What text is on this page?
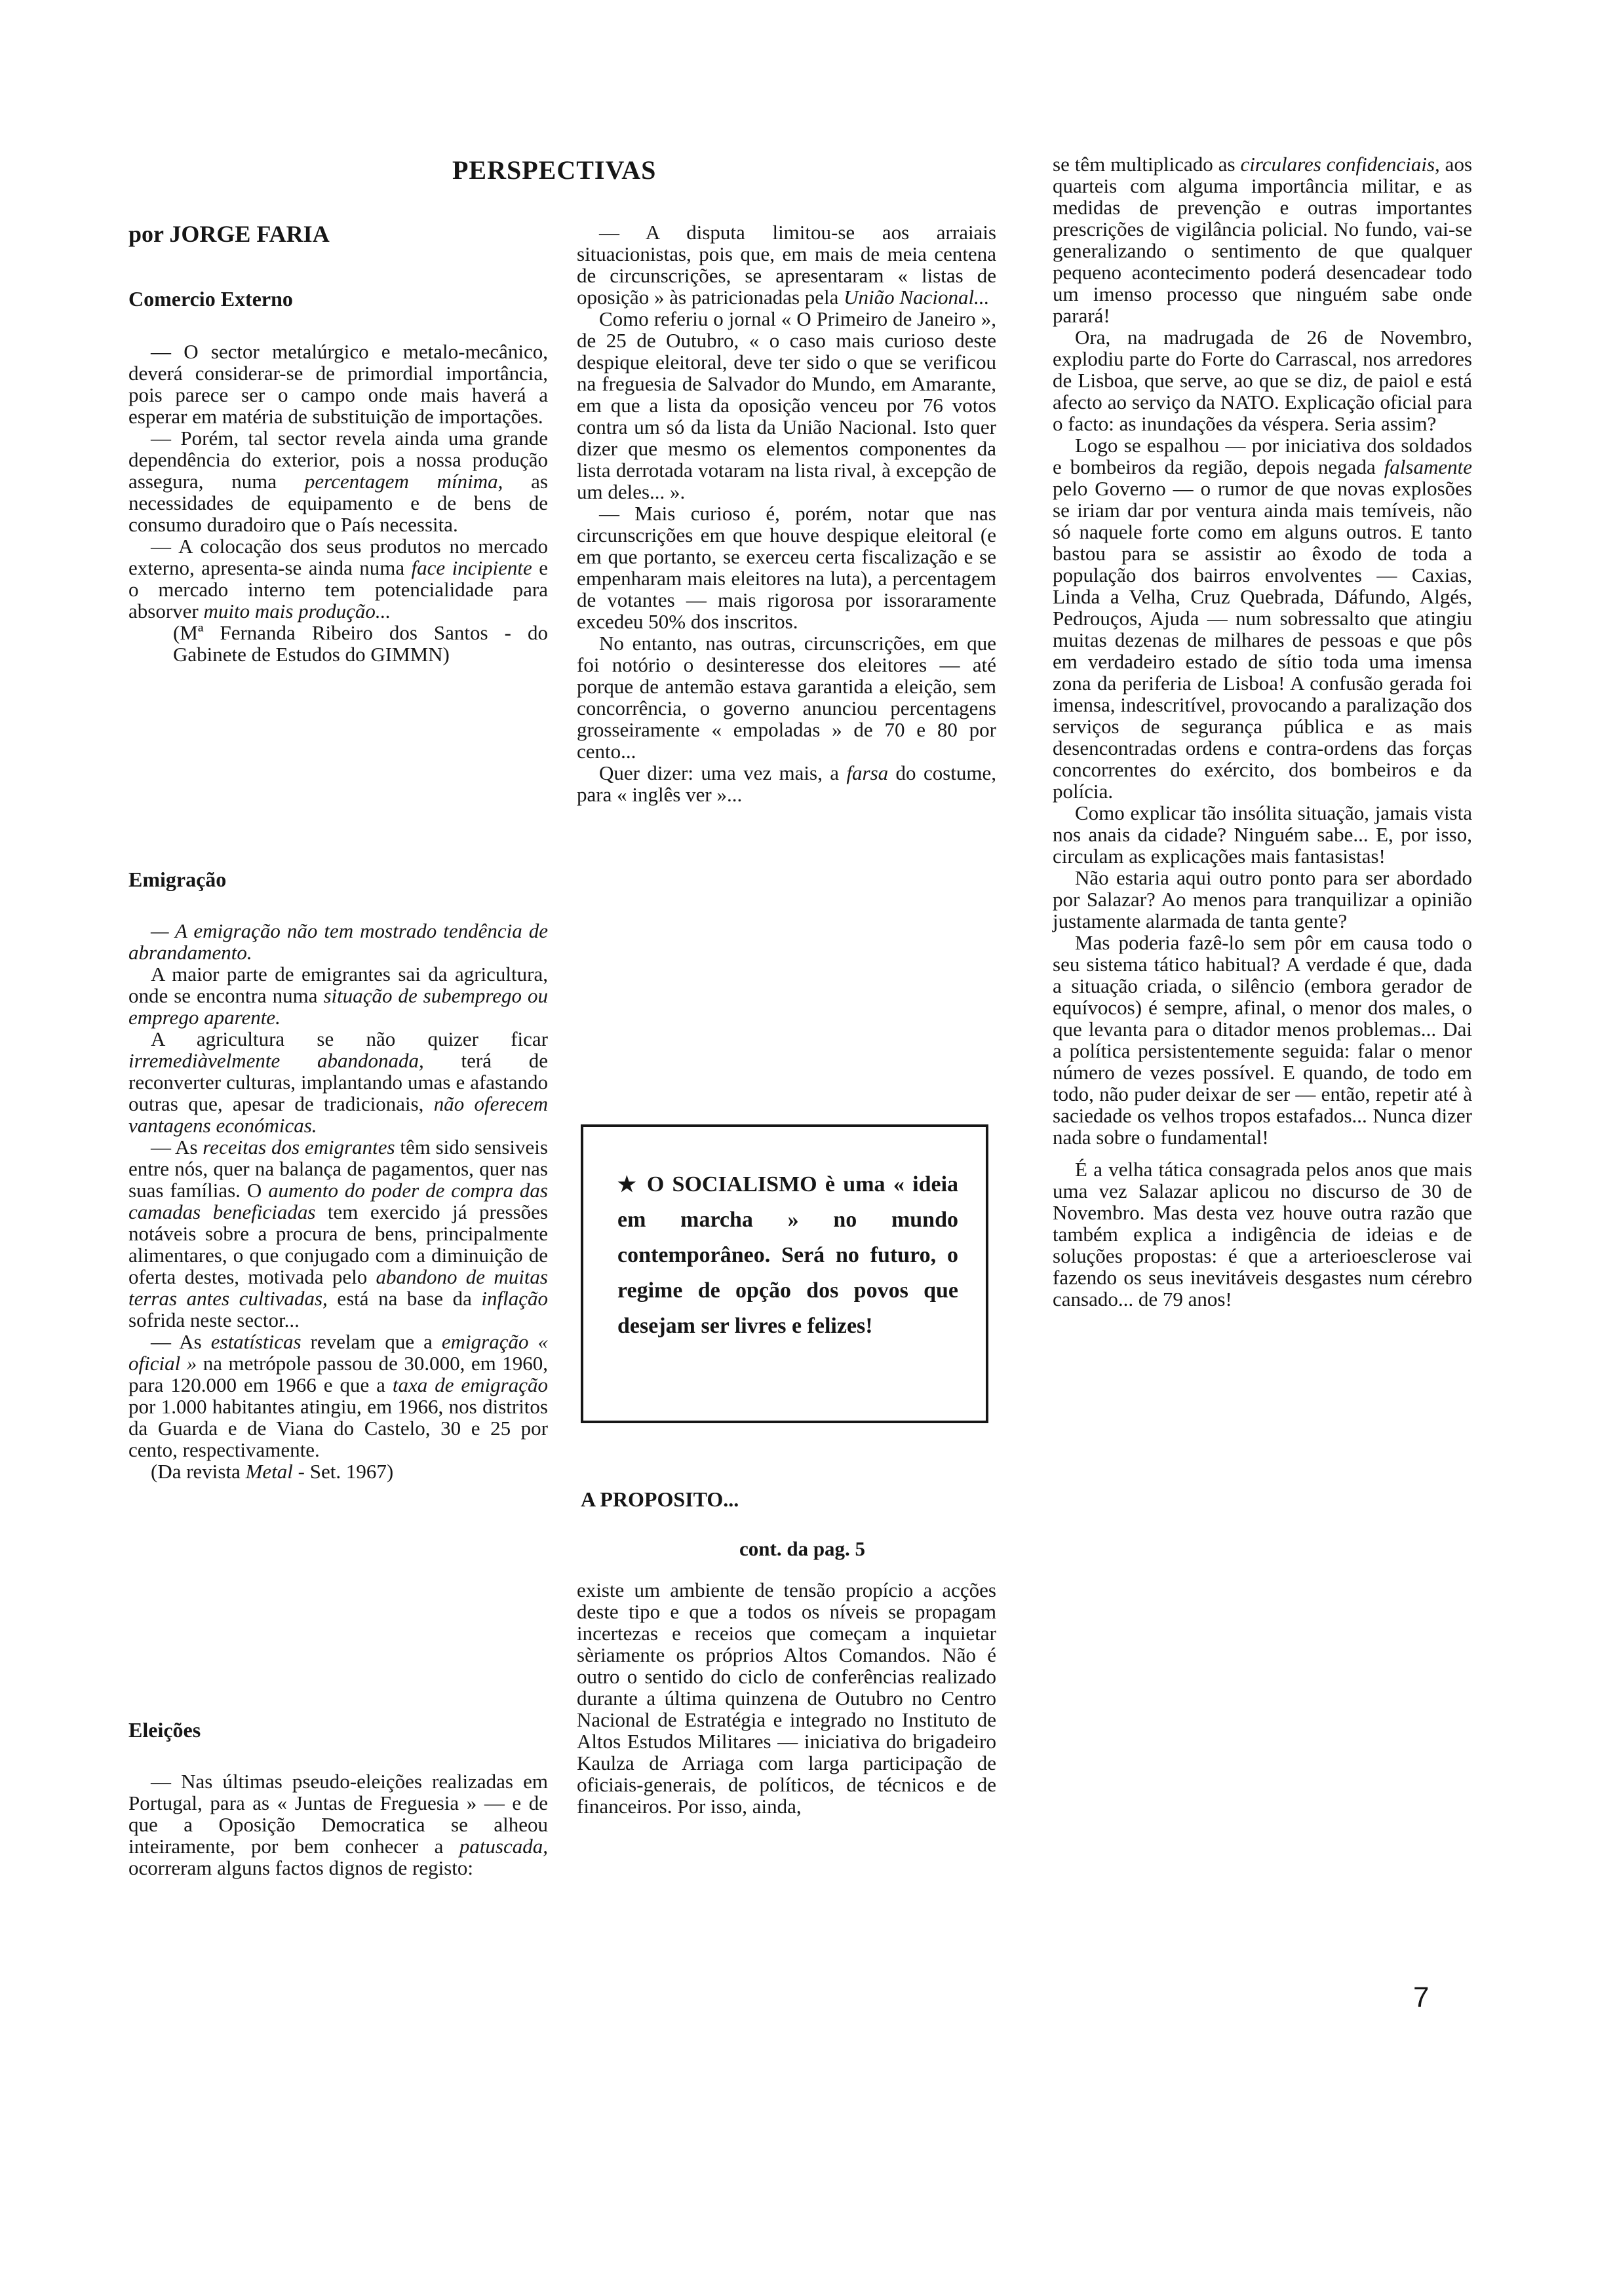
PERSPECTIVAS
por JORGE FARIA
Comercio Externo

— O sector metalúrgico e metalo-mecânico, deverá considerar-se de primordial importância, pois parece ser o campo onde mais haverá a esperar em matéria de substituição de importações.

— Porém, tal sector revela ainda uma grande dependência do exterior, pois a nossa produção assegura, numa percentagem mínima, as necessidades de equipamento e de bens de consumo duradoiro que o País necessita.

— A colocação dos seus produtos no mercado externo, apresenta-se ainda numa face incipiente e o mercado interno tem potencialidade para absorver muito mais produção...

(Mª Fernanda Ribeiro dos Santos - do Gabinete de Estudos do GIMMN)

Emigração

— A emigração não tem mostrado tendência de abrandamento.

A maior parte de emigrantes sai da agricultura, onde se encontra numa situação de subemprego ou emprego aparente.

A agricultura se não quizer ficar irremediàvelmente abandonada, terá de reconverter culturas, implantando umas e afastando outras que, apesar de tradicionais, não oferecem vantagens económicas.

— As receitas dos emigrantes têm sido sensiveis entre nós, quer na balança de pagamentos, quer nas suas famílias. O aumento do poder de compra das camadas beneficiadas tem exercido já pressões notáveis sobre a procura de bens, principalmente alimentares, o que conjugado com a diminuição de oferta destes, motivada pelo abandono de muitas terras antes cultivadas, está na base da inflação sofrida neste sector...

— As estatísticas revelam que a emigração « oficial » na metrópole passou de 30.000, em 1960, para 120.000 em 1966 e que a taxa de emigração por 1.000 habitantes atingiu, em 1966, nos distritos da Guarda e de Viana do Castelo, 30 e 25 por cento, respectivamente.

(Da revista Metal - Set. 1967)

Eleições

— Nas últimas pseudo-eleições realizadas em Portugal, para as « Juntas de Freguesia » — e de que a Oposição Democratica se alheou inteiramente, por bem conhecer a patuscada, ocorreram alguns factos dignos de registo:

— A disputa limitou-se aos arraiais situacionistas, pois que, em mais de meia centena de circunscrições, se apresentaram « listas de oposição » às patricionadas pela União Nacional...

Como referiu o jornal « O Primeiro de Janeiro », de 25 de Outubro, « o caso mais curioso deste despique eleitoral, deve ter sido o que se verificou na freguesia de Salvador do Mundo, em Amarante, em que a lista da oposição venceu por 76 votos contra um só da lista da União Nacional. Isto quer dizer que mesmo os elementos componentes da lista derrotada votaram na lista rival, à excepção de um deles... ».

— Mais curioso é, porém, notar que nas circunscrições em que houve despique eleitoral (e em que portanto, se exerceu certa fiscalização e se empenharam mais eleitores na luta), a percentagem de votantes — mais rigorosa por issoraramente excedeu 50% dos inscritos.

No entanto, nas outras, circunscrições, em que foi notório o desinteresse dos eleitores — até porque de antemão estava garantida a eleição, sem concorrência, o governo anunciou percentagens grosseiramente « empoladas » de 70 e 80 por cento...

Quer dizer: uma vez mais, a farsa do costume, para « inglês ver »...

★ O SOCIALISMO è uma « ideia em marcha » no mundo contemporâneo. Será no futuro, o regime de opção dos povos que desejam ser livres e felizes!
A PROPOSITO...
cont. da pag. 5

existe um ambiente de tensão propício a acções deste tipo e que a todos os níveis se propagam incertezas e receios que começam a inquietar sèriamente os próprios Altos Comandos. Não é outro o sentido do ciclo de conferências realizado durante a última quinzena de Outubro no Centro Nacional de Estratégia e integrado no Instituto de Altos Estudos Militares — iniciativa do brigadeiro Kaulza de Arriaga com larga participação de oficiais-generais, de políticos, de técnicos e de financeiros. Por isso, ainda,

se têm multiplicado as circulares confidenciais, aos quarteis com alguma importância militar, e as medidas de prevenção e outras importantes prescrições de vigilância policial. No fundo, vai-se generalizando o sentimento de que qualquer pequeno acontecimento poderá desencadear todo um imenso processo que ninguém sabe onde parará!

Ora, na madrugada de 26 de Novembro, explodiu parte do Forte do Carrascal, nos arredores de Lisboa, que serve, ao que se diz, de paiol e está afecto ao serviço da NATO. Explicação oficial para o facto: as inundações da véspera. Seria assim?

Logo se espalhou — por iniciativa dos soldados e bombeiros da região, depois negada falsamente pelo Governo — o rumor de que novas explosões se iriam dar por ventura ainda mais temíveis, não só naquele forte como em alguns outros. E tanto bastou para se assistir ao êxodo de toda a população dos bairros envolventes — Caxias, Linda a Velha, Cruz Quebrada, Dáfundo, Algés, Pedrouços, Ajuda — num sobressalto que atingiu muitas dezenas de milhares de pessoas e que pôs em verdadeiro estado de sítio toda uma imensa zona da periferia de Lisboa! A confusão gerada foi imensa, indescritível, provocando a paralização dos serviços de segurança pública e as mais desencontradas ordens e contra-ordens das forças concorrentes do exército, dos bombeiros e da polícia.

Como explicar tão insólita situação, jamais vista nos anais da cidade? Ninguém sabe... E, por isso, circulam as explicações mais fantasistas!

Não estaria aqui outro ponto para ser abordado por Salazar? Ao menos para tranquilizar a opinião justamente alarmada de tanta gente?

Mas poderia fazê-lo sem pôr em causa todo o seu sistema tático habitual? A verdade é que, dada a situação criada, o silêncio (embora gerador de equívocos) é sempre, afinal, o menor dos males, o que levanta para o ditador menos problemas... Dai a política persistentemente seguida: falar o menor número de vezes possível. E quando, de todo em todo, não puder deixar de ser — então, repetir até à saciedade os velhos tropos estafados... Nunca dizer nada sobre o fundamental!

É a velha tática consagrada pelos anos que mais uma vez Salazar aplicou no discurso de 30 de Novembro. Mas desta vez houve outra razão que também explica a indigência de ideias e de soluções propostas: é que a arterioesclerose vai fazendo os seus inevitáveis desgastes num cérebro cansado... de 79 anos!

7
